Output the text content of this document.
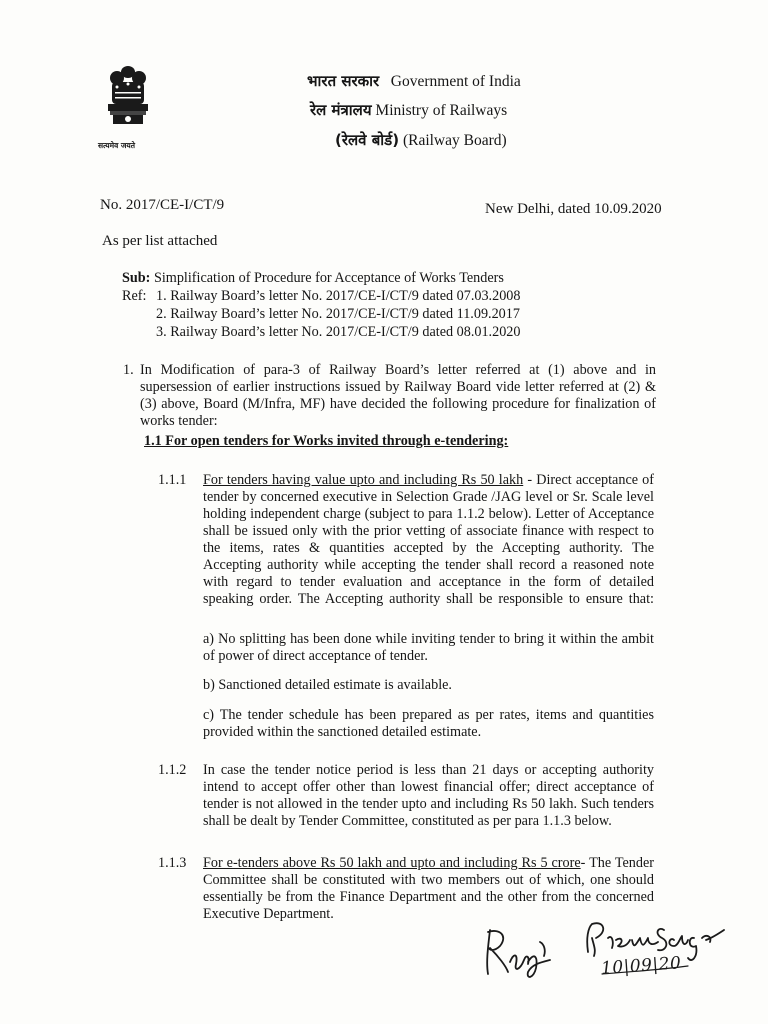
सत्यमेव जयते
भारत सरकार Government of India
रेल मंत्रालय Ministry of Railways
(रेलवे बोर्ड) (Railway Board)
No. 2017/CE-I/CT/9	New Delhi, dated 10.09.2020
As per list attached
Sub: Simplification of Procedure for Acceptance of Works Tenders
Ref: 1. Railway Board’s letter No. 2017/CE-I/CT/9 dated 07.03.2008
2. Railway Board’s letter No. 2017/CE-I/CT/9 dated 11.09.2017
3. Railway Board’s letter No. 2017/CE-I/CT/9 dated 08.01.2020
1. In Modification of para-3 of Railway Board’s letter referred at (1) above and in
supersession of earlier instructions issued by Railway Board vide letter referred at (2) &
(3) above, Board (M/Infra, MF) have decided the following procedure for finalization of
works tender:
1.1 For open tenders for Works invited through e-tendering:
1.1.1 For tenders having value upto and including Rs 50 lakh - Direct acceptance of
tender by concerned executive in Selection Grade /JAG level or Sr. Scale level
holding independent charge (subject to para 1.1.2 below). Letter of Acceptance
shall be issued only with the prior vetting of associate finance with respect to
the items, rates & quantities accepted by the Accepting authority. The
Accepting authority while accepting the tender shall record a reasoned note
with regard to tender evaluation and acceptance in the form of detailed
speaking order. The Accepting authority shall be responsible to ensure that:
a) No splitting has been done while inviting tender to bring it within the ambit
of power of direct acceptance of tender.
b) Sanctioned detailed estimate is available.
c) The tender schedule has been prepared as per rates, items and quantities
provided within the sanctioned detailed estimate.
1.1.2 In case the tender notice period is less than 21 days or accepting authority
intend to accept offer other than lowest financial offer; direct acceptance of
tender is not allowed in the tender upto and including Rs 50 lakh. Such tenders
shall be dealt by Tender Committee, constituted as per para 1.1.3 below.
1.1.3 For e-tenders above Rs 50 lakh and upto and including Rs 5 crore- The Tender
Committee shall be constituted with two members out of which, one should
essentially be from the Finance Department and the other from the concerned
Executive Department.
10|09|20
